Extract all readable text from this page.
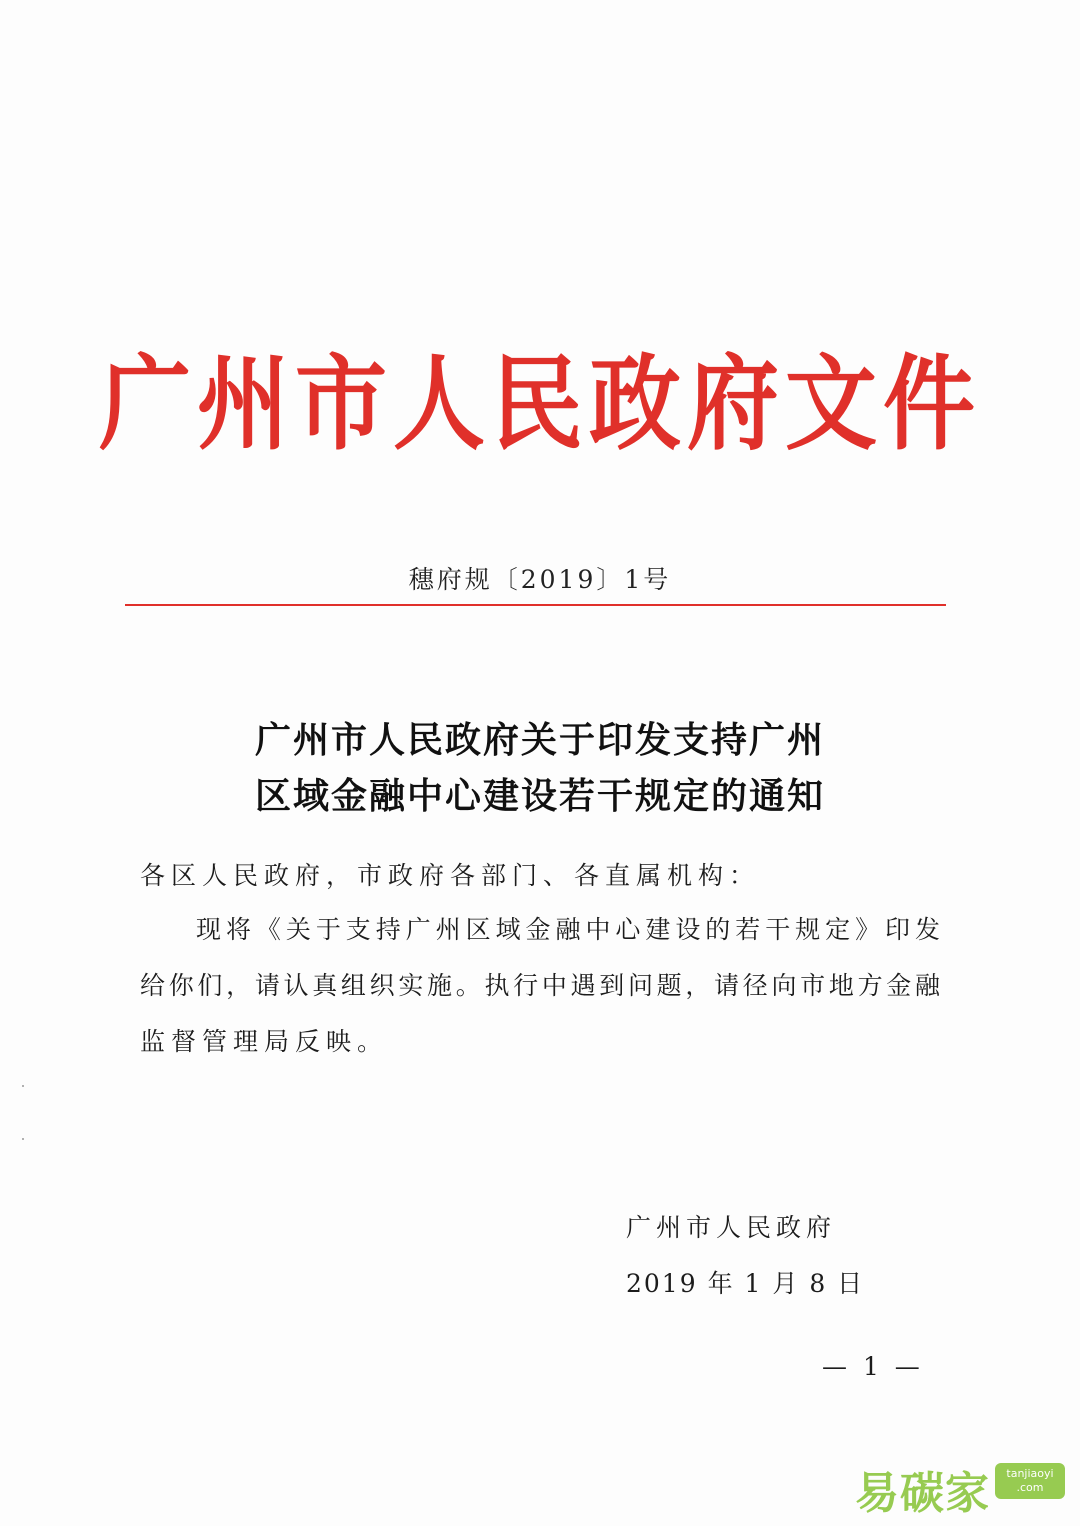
广州市人民政府文件
穗府规〔2019〕1号
广州市人民政府关于印发支持广州
区域金融中心建设若干规定的通知
各区人民政府，市政府各部门、各直属机构：
现将《关于支持广州区域金融中心建设的若干规定》印发
给你们，请认真组织实施。执行中遇到问题，请径向市地方金融
监督管理局反映。
广州市人民政府
2019 年 1 月 8 日
— 1 —
易碳家	tanjiaoyi
.com
